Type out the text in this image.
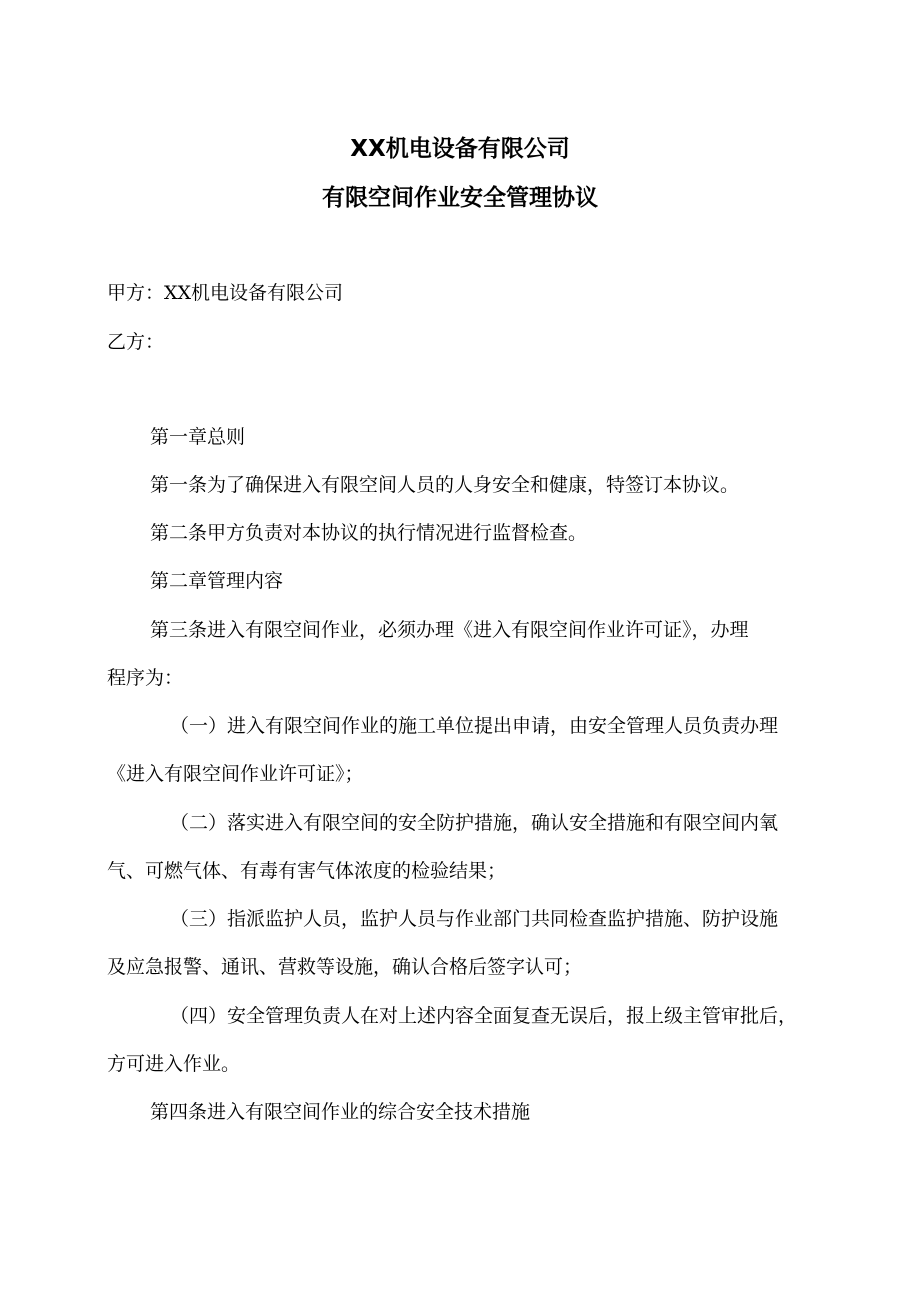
XX机电设备有限公司
有限空间作业安全管理协议

甲方：XX机电设备有限公司

乙方：

第一章总则

第一条为了确保进入有限空间人员的人身安全和健康，特签订本协议。

第二条甲方负责对本协议的执行情况进行监督检查。

第二章管理内容

第三条进入有限空间作业，必须办理《进入有限空间作业许可证》，办理

程序为：

（一）进入有限空间作业的施工单位提出申请，由安全管理人员负责办理

《进入有限空间作业许可证》；

（二）落实进入有限空间的安全防护措施，确认安全措施和有限空间内氧

气、可燃气体、有毒有害气体浓度的检验结果；

（三）指派监护人员，监护人员与作业部门共同检查监护措施、防护设施

及应急报警、通讯、营救等设施，确认合格后签字认可；

（四）安全管理负责人在对上述内容全面复查无误后，报上级主管审批后，

方可进入作业。

第四条进入有限空间作业的综合安全技术措施
